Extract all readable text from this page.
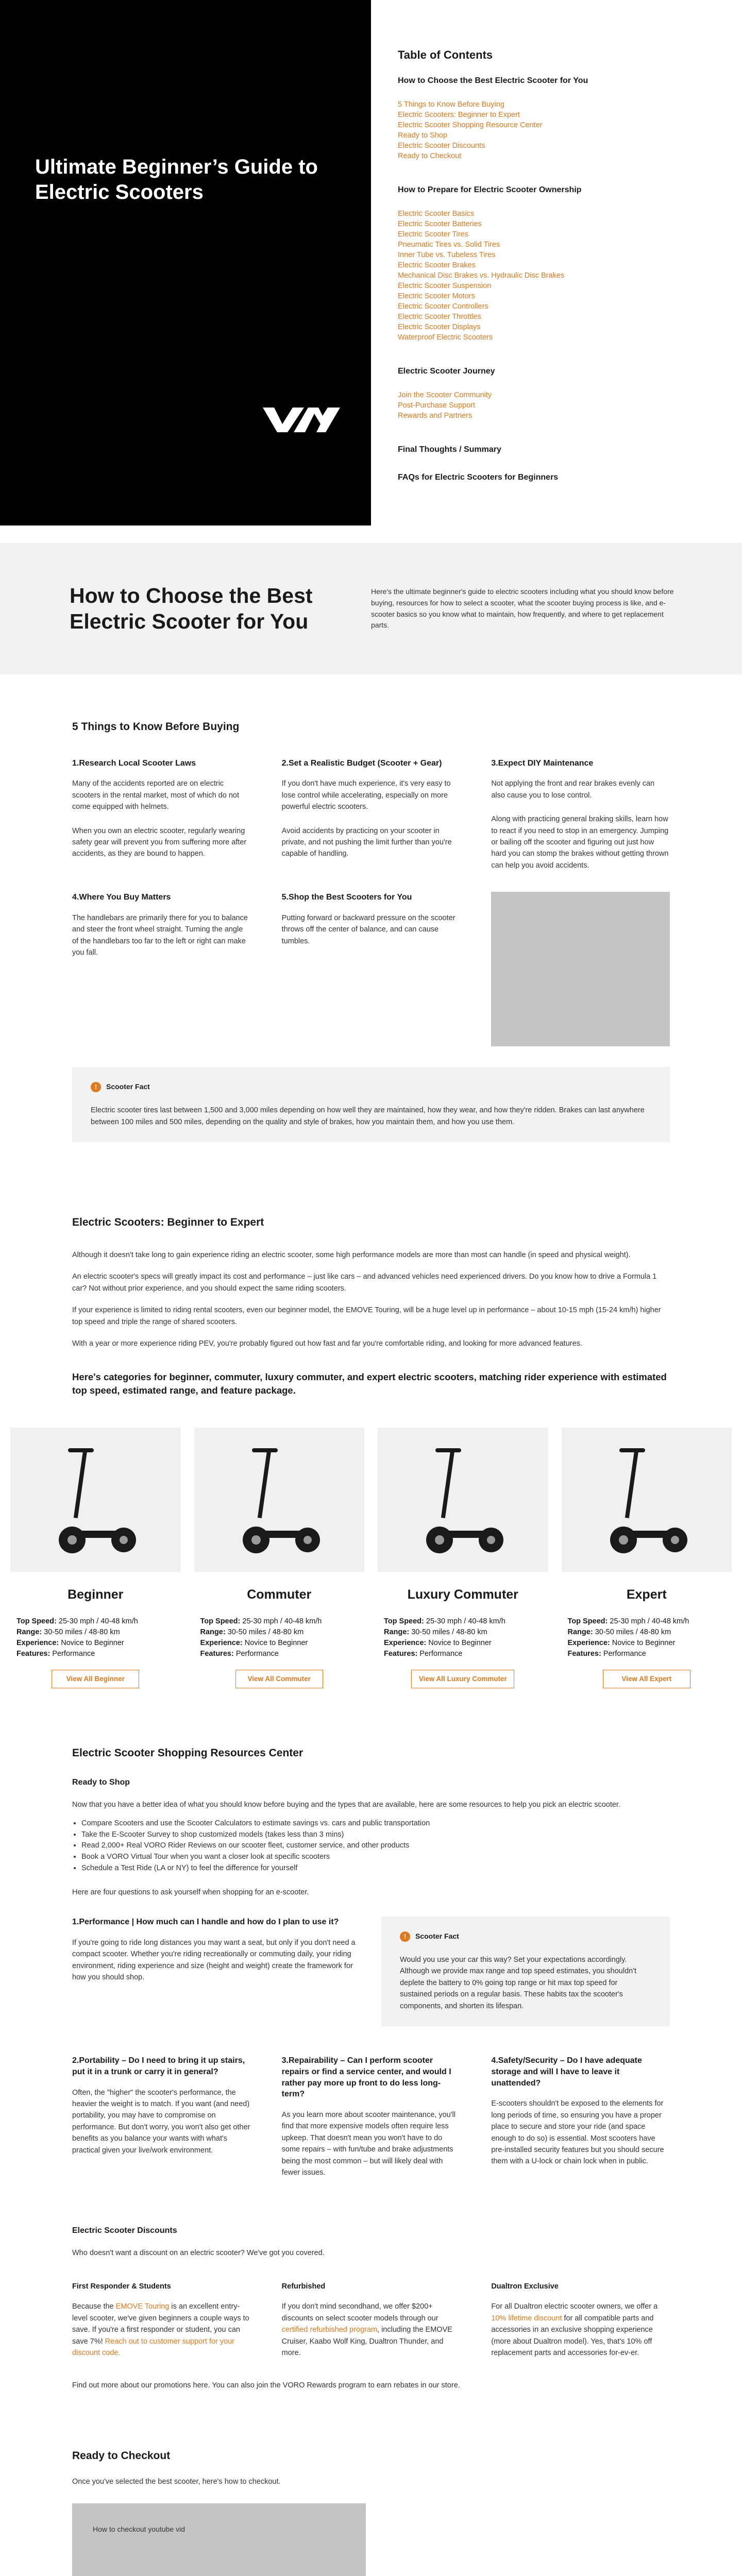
Ultimate Beginner’s Guide to Electric Scooters
Table of Contents
How to Choose the Best Electric Scooter for You
5 Things to Know Before Buying
Electric Scooters: Beginner to Expert
Electric Scooter Shopping Resource Center
Ready to Shop
Electric Scooter Discounts
Ready to Checkout
How to Prepare for Electric Scooter Ownership
Electric Scooter Basics
Electric Scooter Batteries
Electric Scooter Tires
Pneumatic Tires vs. Solid Tires
Inner Tube vs. Tubeless Tires
Electric Scooter Brakes
Mechanical Disc Brakes vs. Hydraulic Disc Brakes
Electric Scooter Suspension
Electric Scooter Motors
Electric Scooter Controllers
Electric Scooter Throttles
Electric Scooter Displays
Waterproof Electric Scooters
Electric Scooter Journey
Join the Scooter Community
Post-Purchase Support
Rewards and Partners
Final Thoughts / Summary
FAQs for Electric Scooters for Beginners
How to Choose the Best Electric Scooter for You

Here's the ultimate beginner's guide to electric scooters including what you should know before buying, resources for how to select a scooter, what the scooter buying process is like, and e-scooter basics so you know what to maintain, how frequently, and where to get replacement parts.

5 Things to Know Before Buying
1.Research Local Scooter Laws

Many of the accidents reported are on electric scooters in the rental market, most of which do not come equipped with helmets.

When you own an electric scooter, regularly wearing safety gear will prevent you from suffering more after accidents, as they are bound to happen.

2.Set a Realistic Budget (Scooter + Gear)

If you don't have much experience, it's very easy to lose control while accelerating, especially on more powerful electric scooters.

Avoid accidents by practicing on your scooter in private, and not pushing the limit further than you're capable of handling.

3.Expect DIY Maintenance

Not applying the front and rear brakes evenly can also cause you to lose control.

Along with practicing general braking skills, learn how to react if you need to stop in an emergency. Jumping or bailing off the scooter and figuring out just how hard you can stomp the brakes without getting thrown can help you avoid accidents.

4.Where You Buy Matters

The handlebars are primarily there for you to balance and steer the front wheel straight. Turning the angle of the handlebars too far to the left or right can make you fall.

5.Shop the Best Scooters for You

Putting forward or backward pressure on the scooter throws off the center of balance, and can cause tumbles.

!
Scooter Fact

Electric scooter tires last between 1,500 and 3,000 miles depending on how well they are maintained, how they wear, and how they're ridden. Brakes can last anywhere between 100 miles and 500 miles, depending on the quality and style of brakes, how you maintain them, and how you use them.

Electric Scooters: Beginner to Expert

Although it doesn't take long to gain experience riding an electric scooter, some high performance models are more than most can handle (in speed and physical weight).

An electric scooter's specs will greatly impact its cost and performance – just like cars – and advanced vehicles need experienced drivers. Do you know how to drive a Formula 1 car? Not without prior experience, and you should expect the same riding scooters.

If your experience is limited to riding rental scooters, even our beginner model, the EMOVE Touring, will be a huge level up in performance – about 10-15 mph (15-24 km/h) higher top speed and triple the range of shared scooters.

With a year or more experience riding PEV, you're probably figured out how fast and far you're comfortable riding, and looking for more advanced features.

Here's categories for beginner, commuter, luxury commuter, and expert electric scooters, matching rider experience with estimated top speed, estimated range, and feature package.
Beginner
Top Speed: 25-30 mph / 40-48 km/h
Range: 30-50 miles / 48-80 km
Experience: Novice to Beginner
Features: Performance
View All Beginner
Commuter
Top Speed: 25-30 mph / 40-48 km/h
Range: 30-50 miles / 48-80 km
Experience: Novice to Beginner
Features: Performance
View All Commuter
Luxury Commuter
Top Speed: 25-30 mph / 40-48 km/h
Range: 30-50 miles / 48-80 km
Experience: Novice to Beginner
Features: Performance
View All Luxury Commuter
Expert
Top Speed: 25-30 mph / 40-48 km/h
Range: 30-50 miles / 48-80 km
Experience: Novice to Beginner
Features: Performance
View All Expert
Electric Scooter Shopping Resources Center
Ready to Shop

Now that you have a better idea of what you should know before buying and the types that are available, here are some resources to help you pick an electric scooter.

• Compare Scooters and use the Scooter Calculators to estimate savings vs. cars and public transportation
• Take the E-Scooter Survey to shop customized models (takes less than 3 mins)
• Read 2,000+ Real VORO Rider Reviews on our scooter fleet, customer service, and other products
• Book a VORO Virtual Tour when you want a closer look at specific scooters
• Schedule a Test Ride (LA or NY) to feel the difference for yourself

Here are four questions to ask yourself when shopping for an e-scooter.

1.Performance | How much can I handle and how do I plan to use it?

If you're going to ride long distances you may want a seat, but only if you don't need a compact scooter. Whether you're riding recreationally or commuting daily, your riding environment, riding experience and size (height and weight) create the framework for how you should shop.

!
Scooter Fact

Would you use your car this way? Set your expectations accordingly. Although we provide max range and top speed estimates, you shouldn't deplete the battery to 0% going top range or hit max top speed for sustained periods on a regular basis. These habits tax the scooter's components, and shorten its lifespan.

2.Portability – Do I need to bring it up stairs, put it in a trunk or carry it in general?

Often, the "higher" the scooter's performance, the heavier the weight is to match. If you want (and need) portability, you may have to compromise on performance. But don't worry, you won't also get other benefits as you balance your wants with what's practical given your live/work environment.

3.Repairability – Can I perform scooter repairs or find a service center, and would I rather pay more up front to do less long-term?

As you learn more about scooter maintenance, you'll find that more expensive models often require less upkeep. That doesn't mean you won't have to do some repairs – with fun/tube and brake adjustments being the most common – but will likely deal with fewer issues.

4.Safety/Security – Do I have adequate storage and will I have to leave it unattended?

E-scooters shouldn't be exposed to the elements for long periods of time, so ensuring you have a proper place to secure and store your ride (and space enough to do so) is essential. Most scooters have pre-installed security features but you should secure them with a U-lock or chain lock when in public.

Electric Scooter Discounts

Who doesn't want a discount on an electric scooter? We've got you covered.

First Responder & Students

Because the EMOVE Touring is an excellent entry-level scooter, we've given beginners a couple ways to save. If you're a first responder or student, you can save 7%! Reach out to customer support for your discount code.

Refurbished

If you don't mind secondhand, we offer $200+ discounts on select scooter models through our certified refurbished program, including the EMOVE Cruiser, Kaabo Wolf King, Dualtron Thunder, and more.

Dualtron Exclusive

For all Dualtron electric scooter owners, we offer a 10% lifetime discount for all compatible parts and accessories in an exclusive shopping experience (more about Dualtron model). Yes, that's 10% off replacement parts and accessories for-ev-er.

Find out more about our promotions here. You can also join the VORO Rewards program to earn rebates in our store.

Ready to Checkout

Once you've selected the best scooter, here's how to checkout.

How to checkout youtube vid
